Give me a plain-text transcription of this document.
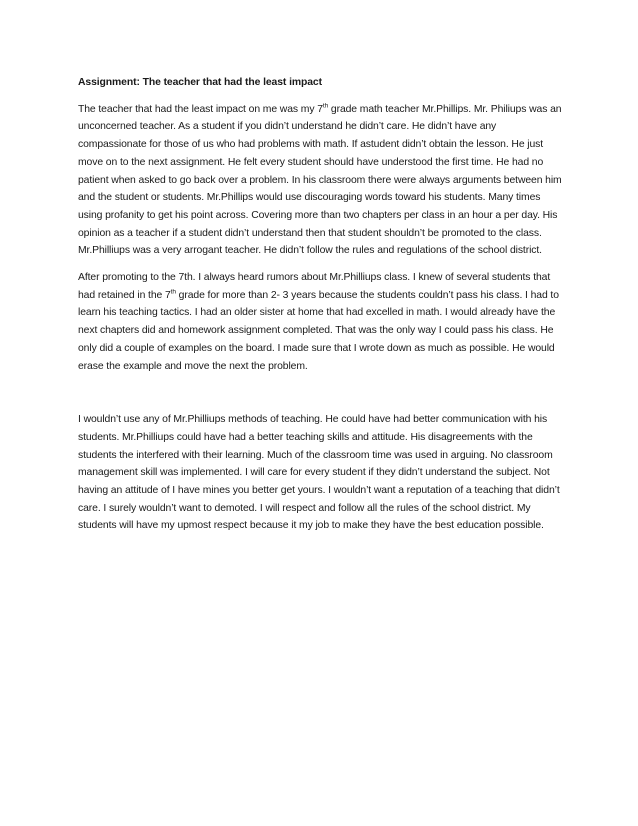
Assignment: The teacher that had the least impact

The teacher that had the least impact on me was my 7th grade math teacher Mr.Phillips. Mr. Philiups was an unconcerned teacher. As a student if you didn’t understand he didn’t care. He didn’t have any compassionate for those of us who had problems with math. If astudent didn’t obtain the lesson. He just move on to the next assignment. He felt every student should have understood the first time. He had no patient when asked to go back over a problem. In his classroom there were always arguments between him and the student or students. Mr.Phillips would use discouraging words toward his students. Many times using profanity to get his point across. Covering more than two chapters per class in an hour a per day. His opinion as a teacher if a student didn’t understand then that student shouldn’t be promoted to the class. Mr.Philliups was a very arrogant teacher. He didn’t follow the rules and regulations of the school district.

After promoting to the 7th. I always heard rumors about Mr.Philliups class. I knew of several students that had retained in the 7th grade for more than 2- 3 years because the students couldn’t pass his class. I had to learn his teaching tactics. I had an older sister at home that had excelled in math. I would already have the next chapters did and homework assignment completed. That was the only way I could pass his class. He only did a couple of examples on the board. I made sure that I wrote down as much as possible. He would erase the example and move the next the problem.

I wouldn’t use any of Mr.Philliups methods of teaching. He could have had better communication with his students. Mr.Philliups could have had a better teaching skills and attitude. His disagreements with the students the interfered with their learning. Much of the classroom time was used in arguing. No classroom management skill was implemented. I will care for every student if they didn’t understand the subject. Not having an attitude of I have mines you better get yours. I wouldn’t want a reputation of a teaching that didn’t care. I surely wouldn’t want to demoted. I will respect and follow all the rules of the school district. My students will have my upmost respect because it my job to make they have the best education possible.
